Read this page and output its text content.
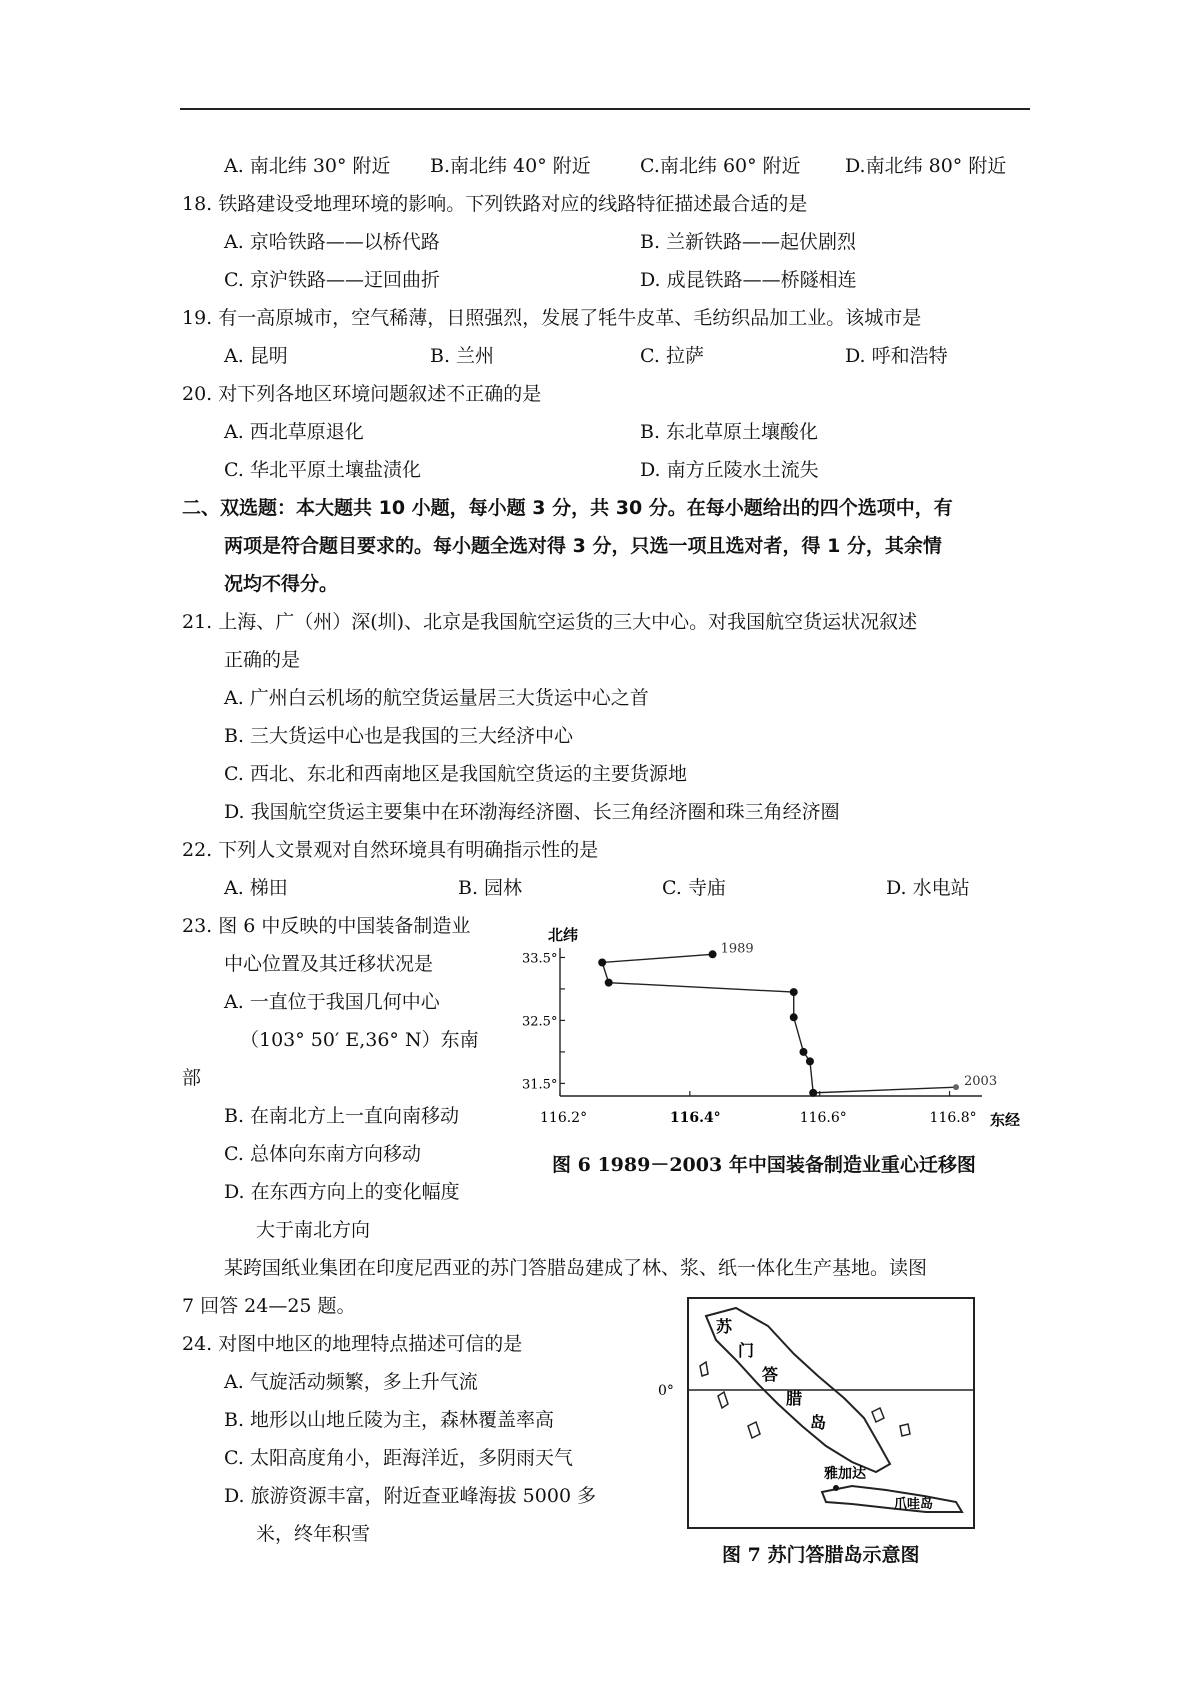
A. 南北纬 30° 附近 B.南北纬 40° 附近	C.南北纬 60° 附近 D.南北纬 80° 附近
18. 铁路建设受地理环境的影响。下列铁路对应的线路特征描述最合适的是
A. 京哈铁路——以桥代路	B. 兰新铁路——起伏剧烈
C. 京沪铁路——迂回曲折	D. 成昆铁路——桥隧相连
19. 有一高原城市，空气稀薄，日照强烈，发展了牦牛皮革、毛纺织品加工业。该城市是
A. 昆明	B. 兰州	C. 拉萨	D. 呼和浩特
20. 对下列各地区环境问题叙述不正确的是
A. 西北草原退化	B. 东北草原土壤酸化
C. 华北平原土壤盐渍化	D. 南方丘陵水土流失
二、双选题：本大题共 10 小题，每小题 3 分，共 30 分。在每小题给出的四个选项中，有
两项是符合题目要求的。每小题全选对得 3 分，只选一项且选对者，得 1 分，其余情
况均不得分。
21. 上海、广（州）深(圳)、北京是我国航空运货的三大中心。对我国航空货运状况叙述
正确的是
A. 广州白云机场的航空货运量居三大货运中心之首
B. 三大货运中心也是我国的三大经济中心
C. 西北、东北和西南地区是我国航空货运的主要货源地
D. 我国航空货运主要集中在环渤海经济圈、长三角经济圈和珠三角经济圈
22. 下列人文景观对自然环境具有明确指示性的是
A. 梯田	B. 园林	C. 寺庙	D. 水电站
23. 图 6 中反映的中国装备制造业
中心位置及其迁移状况是
A. 一直位于我国几何中心
（103° 50′ E,36° N）东南
部
B. 在南北方上一直向南移动
C. 总体向东南方向移动
D. 在东西方向上的变化幅度
大于南北方向
北纬
33.5°
32.5°
31.5°
116.2°	116.4°	116.6°	116.8° 东经
1989
2003
图 6 1989－2003 年中国装备制造业重心迁移图
某跨国纸业集团在印度尼西亚的苏门答腊岛建成了林、浆、纸一体化生产基地。读图
7 回答 24—25 题。
24. 对图中地区的地理特点描述可信的是
A. 气旋活动频繁，多上升气流
B. 地形以山地丘陵为主，森林覆盖率高
C. 太阳高度角小，距海洋近，多阴雨天气
D. 旅游资源丰富，附近查亚峰海拔 5000 多
米，终年积雪
0°
苏
门
答
腊
岛
雅加达
爪哇岛
图 7 苏门答腊岛示意图
